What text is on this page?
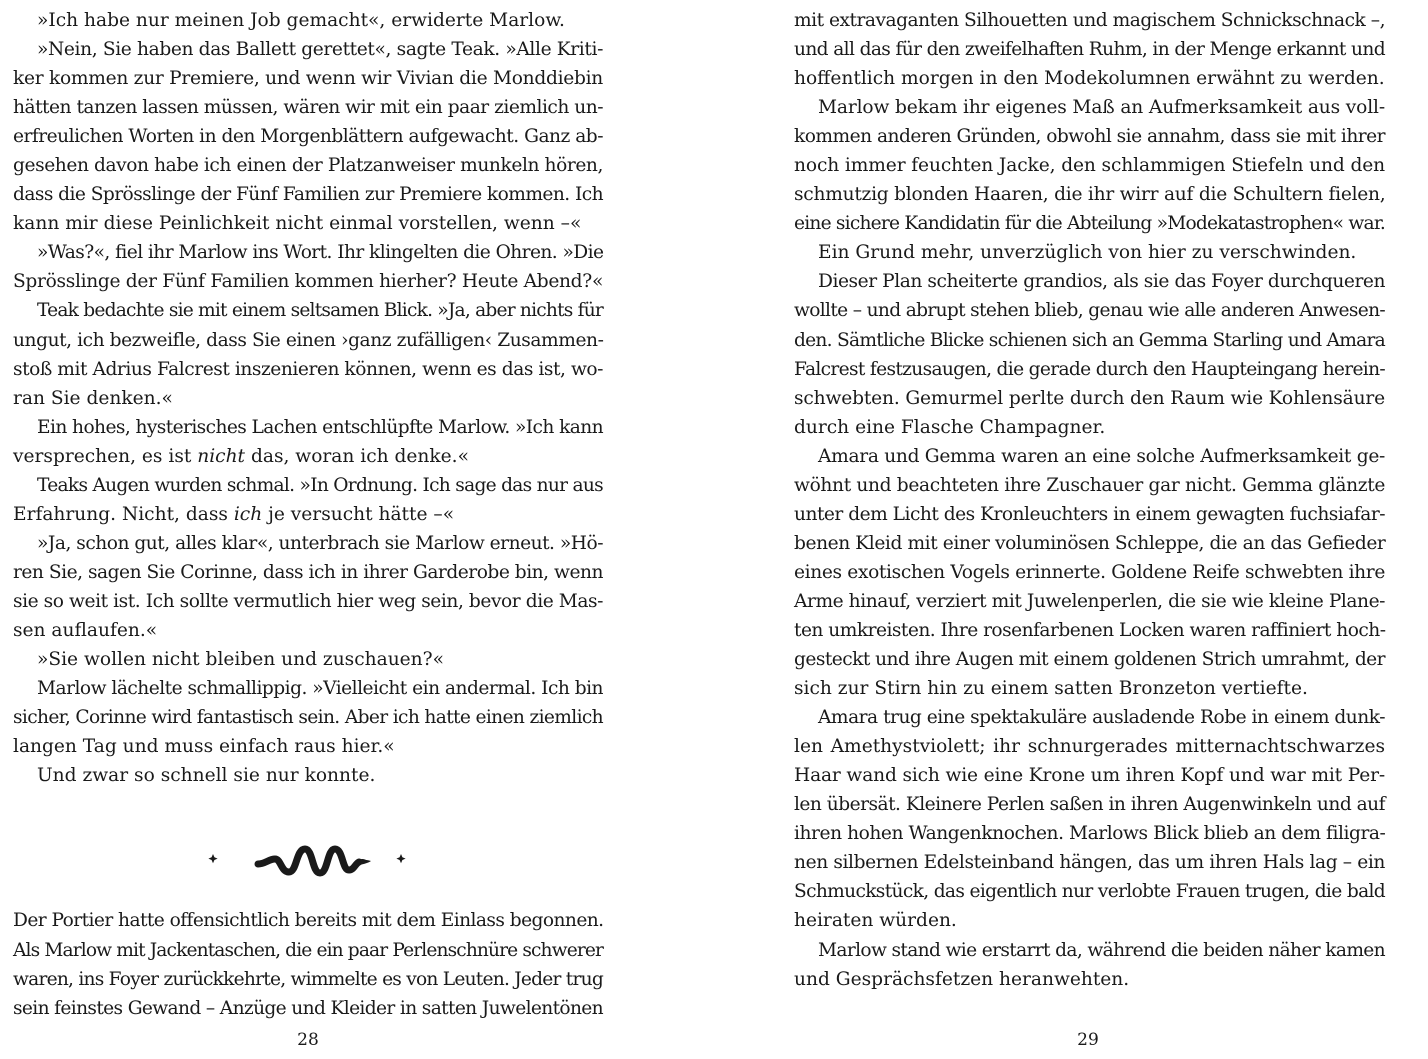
»Ich habe nur meinen Job gemacht«, erwiderte Marlow.
»Nein, Sie haben das Ballett gerettet«, sagte Teak. »Alle Kriti-
ker kommen zur Premiere, und wenn wir Vivian die Monddiebin
hätten tanzen lassen müssen, wären wir mit ein paar ziemlich un-
erfreulichen Worten in den Morgenblättern aufgewacht. Ganz ab-
gesehen davon habe ich einen der Platzanweiser munkeln hören,
dass die Sprösslinge der Fünf Familien zur Premiere kommen. Ich
kann mir diese Peinlichkeit nicht einmal vorstellen, wenn –«
»Was?«, fiel ihr Marlow ins Wort. Ihr klingelten die Ohren. »Die
Sprösslinge der Fünf Familien kommen hierher? Heute Abend?«
Teak bedachte sie mit einem seltsamen Blick. »Ja, aber nichts für
ungut, ich bezweifle, dass Sie einen ›ganz zufälligen‹ Zusammen-
stoß mit Adrius Falcrest inszenieren können, wenn es das ist, wo-
ran Sie denken.«
Ein hohes, hysterisches Lachen entschlüpfte Marlow. »Ich kann
versprechen, es ist nicht das, woran ich denke.«
Teaks Augen wurden schmal. »In Ordnung. Ich sage das nur aus
Erfahrung. Nicht, dass ich je versucht hätte –«
»Ja, schon gut, alles klar«, unterbrach sie Marlow erneut. »Hö-
ren Sie, sagen Sie Corinne, dass ich in ihrer Garderobe bin, wenn
sie so weit ist. Ich sollte vermutlich hier weg sein, bevor die Mas-
sen auflaufen.«
»Sie wollen nicht bleiben und zuschauen?«
Marlow lächelte schmallippig. »Vielleicht ein andermal. Ich bin
sicher, Corinne wird fantastisch sein. Aber ich hatte einen ziemlich
langen Tag und muss einfach raus hier.«
Und zwar so schnell sie nur konnte.
Der Portier hatte offensichtlich bereits mit dem Einlass begonnen.
Als Marlow mit Jackentaschen, die ein paar Perlenschnüre schwerer
waren, ins Foyer zurückkehrte, wimmelte es von Leuten. Jeder trug
sein feinstes Gewand – Anzüge und Kleider in satten Juwelentönen
28
mit extravaganten Silhouetten und magischem Schnickschnack –,
und all das für den zweifelhaften Ruhm, in der Menge erkannt und
hoffentlich morgen in den Modekolumnen erwähnt zu werden.
Marlow bekam ihr eigenes Maß an Aufmerksamkeit aus voll-
kommen anderen Gründen, obwohl sie annahm, dass sie mit ihrer
noch immer feuchten Jacke, den schlammigen Stiefeln und den
schmutzig blonden Haaren, die ihr wirr auf die Schultern fielen,
eine sichere Kandidatin für die Abteilung »Modekatastrophen« war.
Ein Grund mehr, unverzüglich von hier zu verschwinden.
Dieser Plan scheiterte grandios, als sie das Foyer durchqueren
wollte – und abrupt stehen blieb, genau wie alle anderen Anwesen-
den. Sämtliche Blicke schienen sich an Gemma Starling und Amara
Falcrest festzusaugen, die gerade durch den Haupteingang herein-
schwebten. Gemurmel perlte durch den Raum wie Kohlensäure
durch eine Flasche Champagner.
Amara und Gemma waren an eine solche Aufmerksamkeit ge-
wöhnt und beachteten ihre Zuschauer gar nicht. Gemma glänzte
unter dem Licht des Kronleuchters in einem gewagten fuchsiafar-
benen Kleid mit einer voluminösen Schleppe, die an das Gefieder
eines exotischen Vogels erinnerte. Goldene Reife schwebten ihre
Arme hinauf, verziert mit Juwelenperlen, die sie wie kleine Plane-
ten umkreisten. Ihre rosenfarbenen Locken waren raffiniert hoch-
gesteckt und ihre Augen mit einem goldenen Strich umrahmt, der
sich zur Stirn hin zu einem satten Bronzeton vertiefte.
Amara trug eine spektakuläre ausladende Robe in einem dunk-
len Amethystviolett; ihr schnurgerades mitternachtschwarzes
Haar wand sich wie eine Krone um ihren Kopf und war mit Per-
len übersät. Kleinere Perlen saßen in ihren Augenwinkeln und auf
ihren hohen Wangenknochen. Marlows Blick blieb an dem filigra-
nen silbernen Edelsteinband hängen, das um ihren Hals lag – ein
Schmuckstück, das eigentlich nur verlobte Frauen trugen, die bald
heiraten würden.
Marlow stand wie erstarrt da, während die beiden näher kamen
und Gesprächsfetzen heranwehten.
29
